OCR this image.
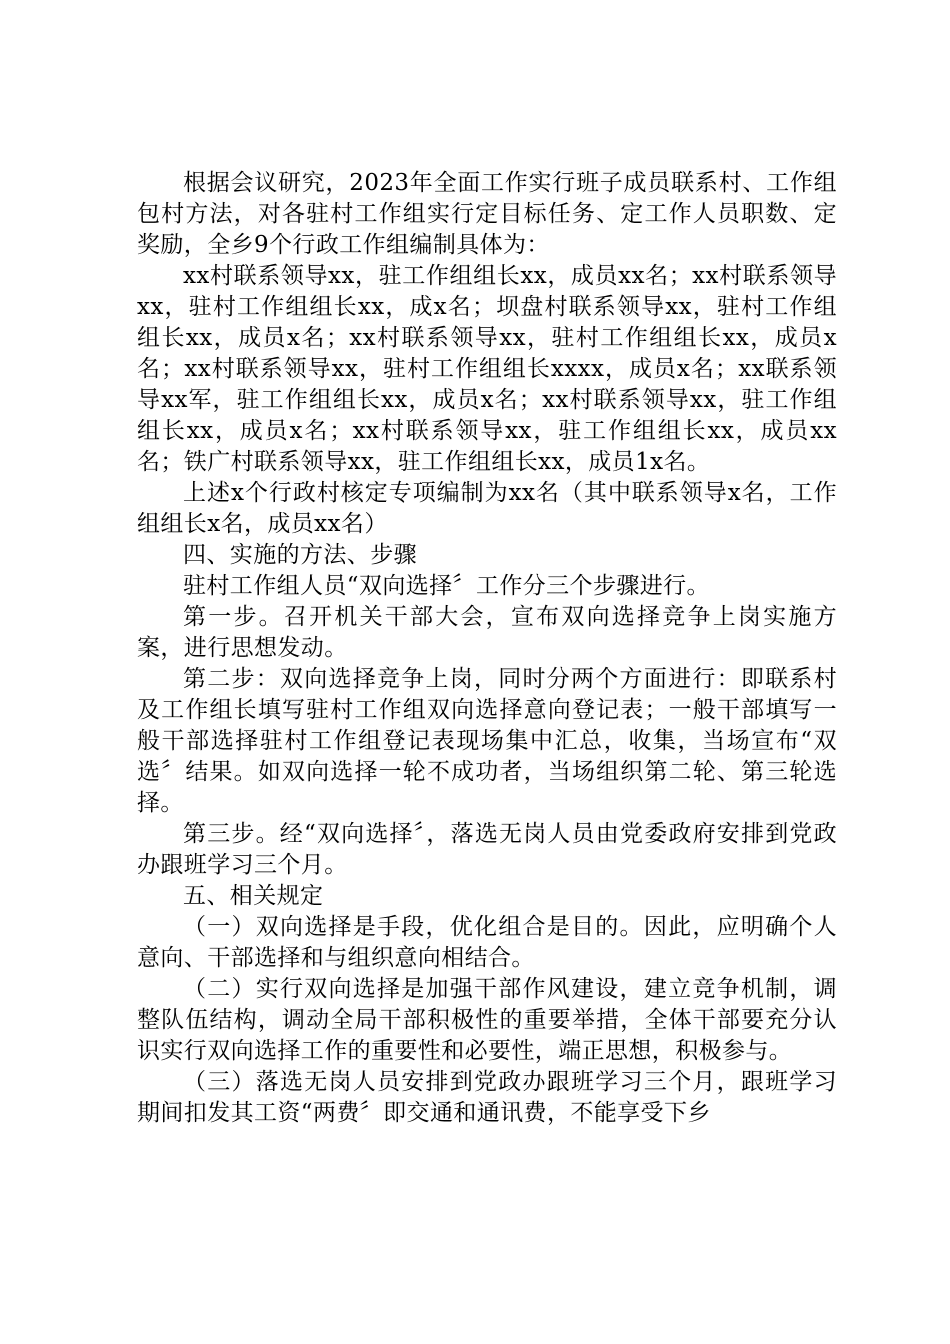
根据会议研究，2023年全面工作实行班子成员联系村、工作组包村方法，对各驻村工作组实行定目标任务、定工作人员职数、定奖励，全乡9个行政工作组编制具体为：

xx村联系领导xx，驻工作组组长xx，成员xx名；xx村联系领导xx，驻村工作组组长xx，成x名；坝盘村联系领导xx，驻村工作组组长xx，成员x名；xx村联系领导xx，驻村工作组组长xx，成员x名；xx村联系领导xx，驻村工作组组长xxxx，成员x名；xx联系领导xx军，驻工作组组长xx，成员x名；xx村联系领导xx，驻工作组组长xx，成员x名；xx村联系领导xx，驻工作组组长xx，成员xx名；铁广村联系领导xx，驻工作组组长xx，成员1x名。

上述x个行政村核定专项编制为xx名（其中联系领导x名，工作组组长x名，成员xx名）

四、实施的方法、步骤

驻村工作组人员“双向选择〞工作分三个步骤进行。

第一步。召开机关干部大会，宣布双向选择竞争上岗实施方案，进行思想发动。

第二步：双向选择竞争上岗，同时分两个方面进行：即联系村及工作组长填写驻村工作组双向选择意向登记表；一般干部填写一般干部选择驻村工作组登记表现场集中汇总，收集，当场宣布“双选〞结果。如双向选择一轮不成功者，当场组织第二轮、第三轮选择。

第三步。经“双向选择〞，落选无岗人员由党委政府安排到党政办跟班学习三个月。

五、相关规定

（一）双向选择是手段，优化组合是目的。因此，应明确个人意向、干部选择和与组织意向相结合。

（二）实行双向选择是加强干部作风建设，建立竞争机制，调整队伍结构，调动全局干部积极性的重要举措，全体干部要充分认识实行双向选择工作的重要性和必要性，端正思想，积极参与。

（三）落选无岗人员安排到党政办跟班学习三个月，跟班学习期间扣发其工资“两费〞即交通和通讯费，不能享受下乡
